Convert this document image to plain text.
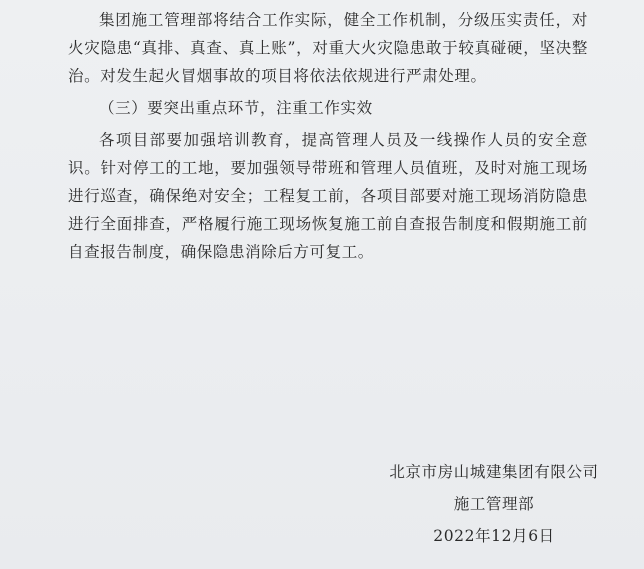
集团施工管理部将结合工作实际，健全工作机制，分级压实责任，对火灾隐患“真排、真查、真上账”，对重大火灾隐患敢于较真碰硬，坚决整治。对发生起火冒烟事故的项目将依法依规进行严肃处理。

（三）要突出重点环节，注重工作实效

各项目部要加强培训教育，提高管理人员及一线操作人员的安全意识。针对停工的工地，要加强领导带班和管理人员值班，及时对施工现场进行巡查，确保绝对安全；工程复工前，各项目部要对施工现场消防隐患进行全面排查，严格履行施工现场恢复施工前自查报告制度和假期施工前自查报告制度，确保隐患消除后方可复工。

北京市房山城建集团有限公司
施工管理部
2022年12月6日
